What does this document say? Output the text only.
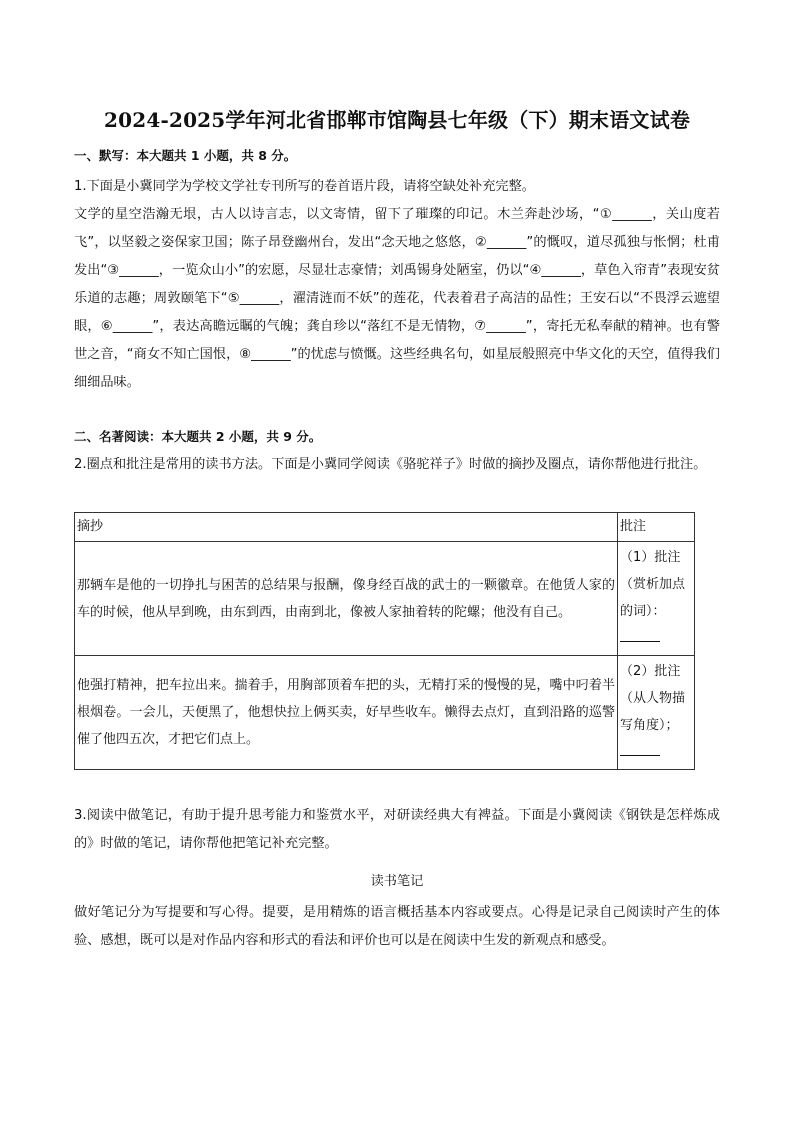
2024-2025学年河北省邯郸市馆陶县七年级（下）期末语文试卷
一、默写：本大题共 1 小题，共 8 分。

1.下面是小冀同学为学校文学社专刊所写的卷首语片段，请将空缺处补充完整。

文学的星空浩瀚无垠，古人以诗言志，以文寄情，留下了璀璨的印记。木兰奔赴沙场，“①______，关山度若飞”，以坚毅之姿保家卫国；陈子昂登幽州台，发出“念天地之悠悠，②______”的慨叹，道尽孤独与怅惘；杜甫发出“③______，一览众山小”的宏愿，尽显壮志豪情；刘禹锡身处陋室，仍以“④______，草色入帘青”表现安贫乐道的志趣；周敦颐笔下“⑤______，濯清涟而不妖”的莲花，代表着君子高洁的品性；王安石以“不畏浮云遮望眼，⑥______”，表达高瞻远瞩的气魄；龚自珍以“落红不是无情物，⑦______”，寄托无私奉献的精神。也有警世之音，“商女不知亡国恨，⑧______”的忧虑与愤慨。这些经典名句，如星辰般照亮中华文化的天空，值得我们细细品味。

二、名著阅读：本大题共 2 小题，共 9 分。
2.圈点和批注是常用的读书方法。下面是小冀同学阅读《骆驼祥子》时做的摘抄及圈点，请你帮他进行批注。
摘抄	批注
那辆车是他的一切挣扎与困苦的总结果与报酬，像身经百战的武士的一颗徽章。在他赁人家的车的时候，他从早到晚，由东到西，由南到北，像被人家抽着转的陀螺；他没有自己。	（1）批注（赏析加点的词）：

他强打精神，把车拉出来。揣着手，用胸部顶着车把的头，无精打采的慢慢的晃，嘴中叼着半根烟卷。一会儿，天便黑了，他想快拉上俩买卖，好早些收车。懒得去点灯，直到沿路的巡警催了他四五次，才把它们点上。	（2）批注（从人物描写角度）；

3.阅读中做笔记，有助于提升思考能力和鉴赏水平，对研读经典大有裨益。下面是小冀阅读《钢铁是怎样炼成的》时做的笔记，请你帮他把笔记补充完整。
读书笔记
做好笔记分为写提要和写心得。提要，是用精炼的语言概括基本内容或要点。心得是记录自己阅读时产生的体验、感想，既可以是对作品内容和形式的看法和评价也可以是在阅读中生发的新观点和感受。
